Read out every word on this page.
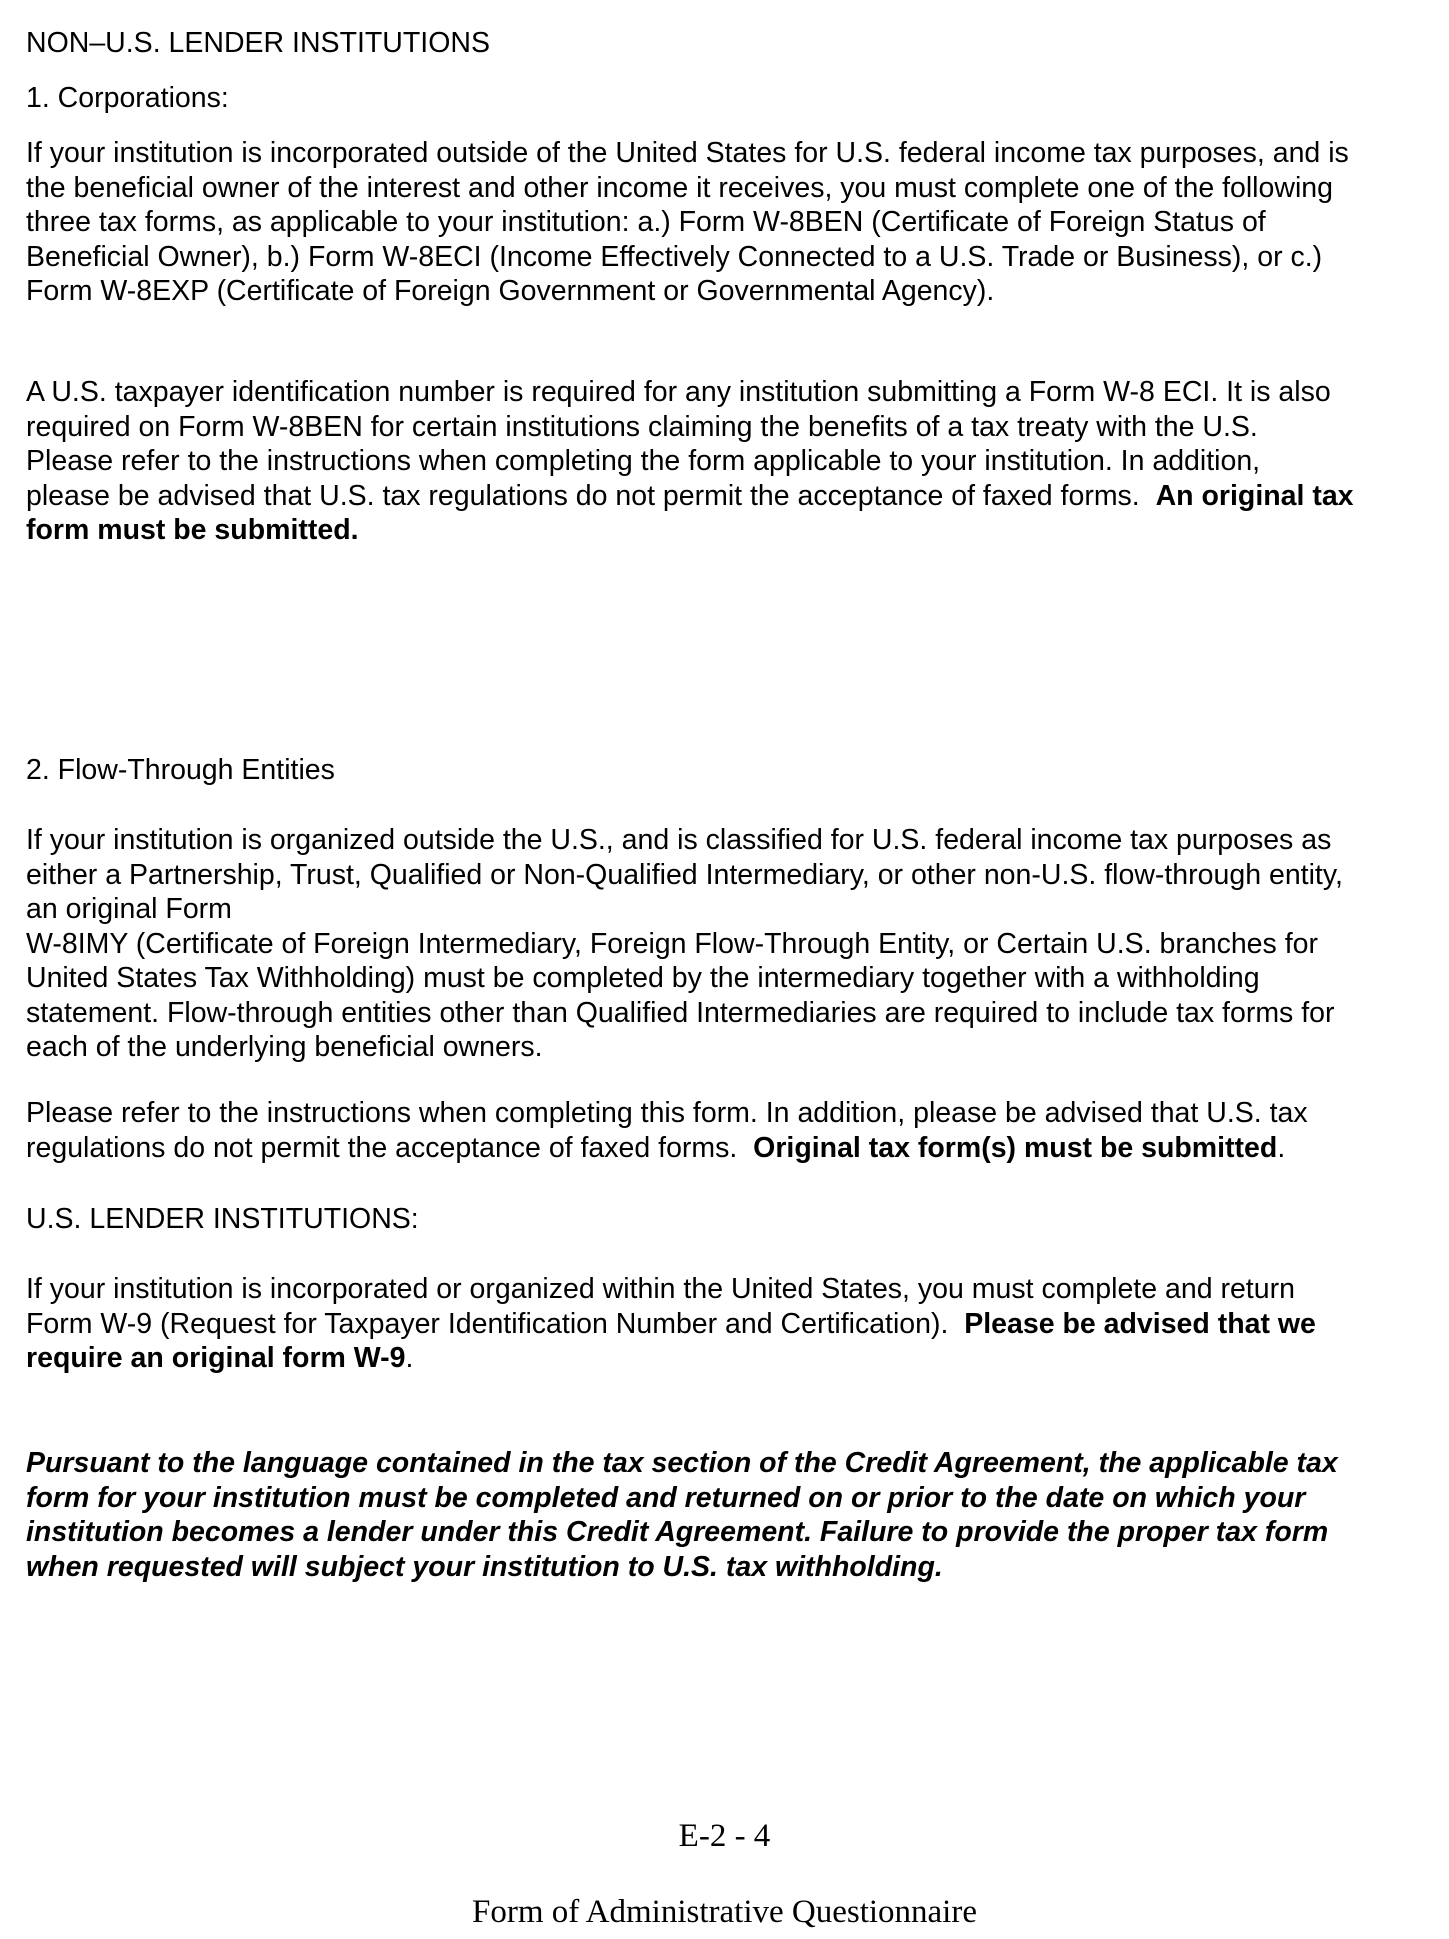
NON–U.S. LENDER INSTITUTIONS

1. Corporations:

If your institution is incorporated outside of the United States for U.S. federal income tax purposes, and is
the beneficial owner of the interest and other income it receives, you must complete one of the following
three tax forms, as applicable to your institution: a.) Form W-8BEN (Certificate of Foreign Status of
Beneficial Owner), b.) Form W-8ECI (Income Effectively Connected to a U.S. Trade or Business), or c.)
Form W-8EXP (Certificate of Foreign Government or Governmental Agency).
A U.S. taxpayer identification number is required for any institution submitting a Form W-8 ECI. It is also
required on Form W-8BEN for certain institutions claiming the benefits of a tax treaty with the U.S.
Please refer to the instructions when completing the form applicable to your institution. In addition,
please be advised that U.S. tax regulations do not permit the acceptance of faxed forms.  An original tax
form must be submitted.

2. Flow-Through Entities

If your institution is organized outside the U.S., and is classified for U.S. federal income tax purposes as
either a Partnership, Trust, Qualified or Non-Qualified Intermediary, or other non-U.S. flow-through entity,
an original Form
W-8IMY (Certificate of Foreign Intermediary, Foreign Flow-Through Entity, or Certain U.S. branches for
United States Tax Withholding) must be completed by the intermediary together with a withholding
statement. Flow-through entities other than Qualified Intermediaries are required to include tax forms for
each of the underlying beneficial owners.
Please refer to the instructions when completing this form. In addition, please be advised that U.S. tax
regulations do not permit the acceptance of faxed forms.  Original tax form(s) must be submitted.

U.S. LENDER INSTITUTIONS:

If your institution is incorporated or organized within the United States, you must complete and return
Form W-9 (Request for Taxpayer Identification Number and Certification).  Please be advised that we
require an original form W-9.
Pursuant to the language contained in the tax section of the Credit Agreement, the applicable tax
form for your institution must be completed and returned on or prior to the date on which your
institution becomes a lender under this Credit Agreement. Failure to provide the proper tax form
when requested will subject your institution to U.S. tax withholding.
E-2 - 4
Form of Administrative Questionnaire
